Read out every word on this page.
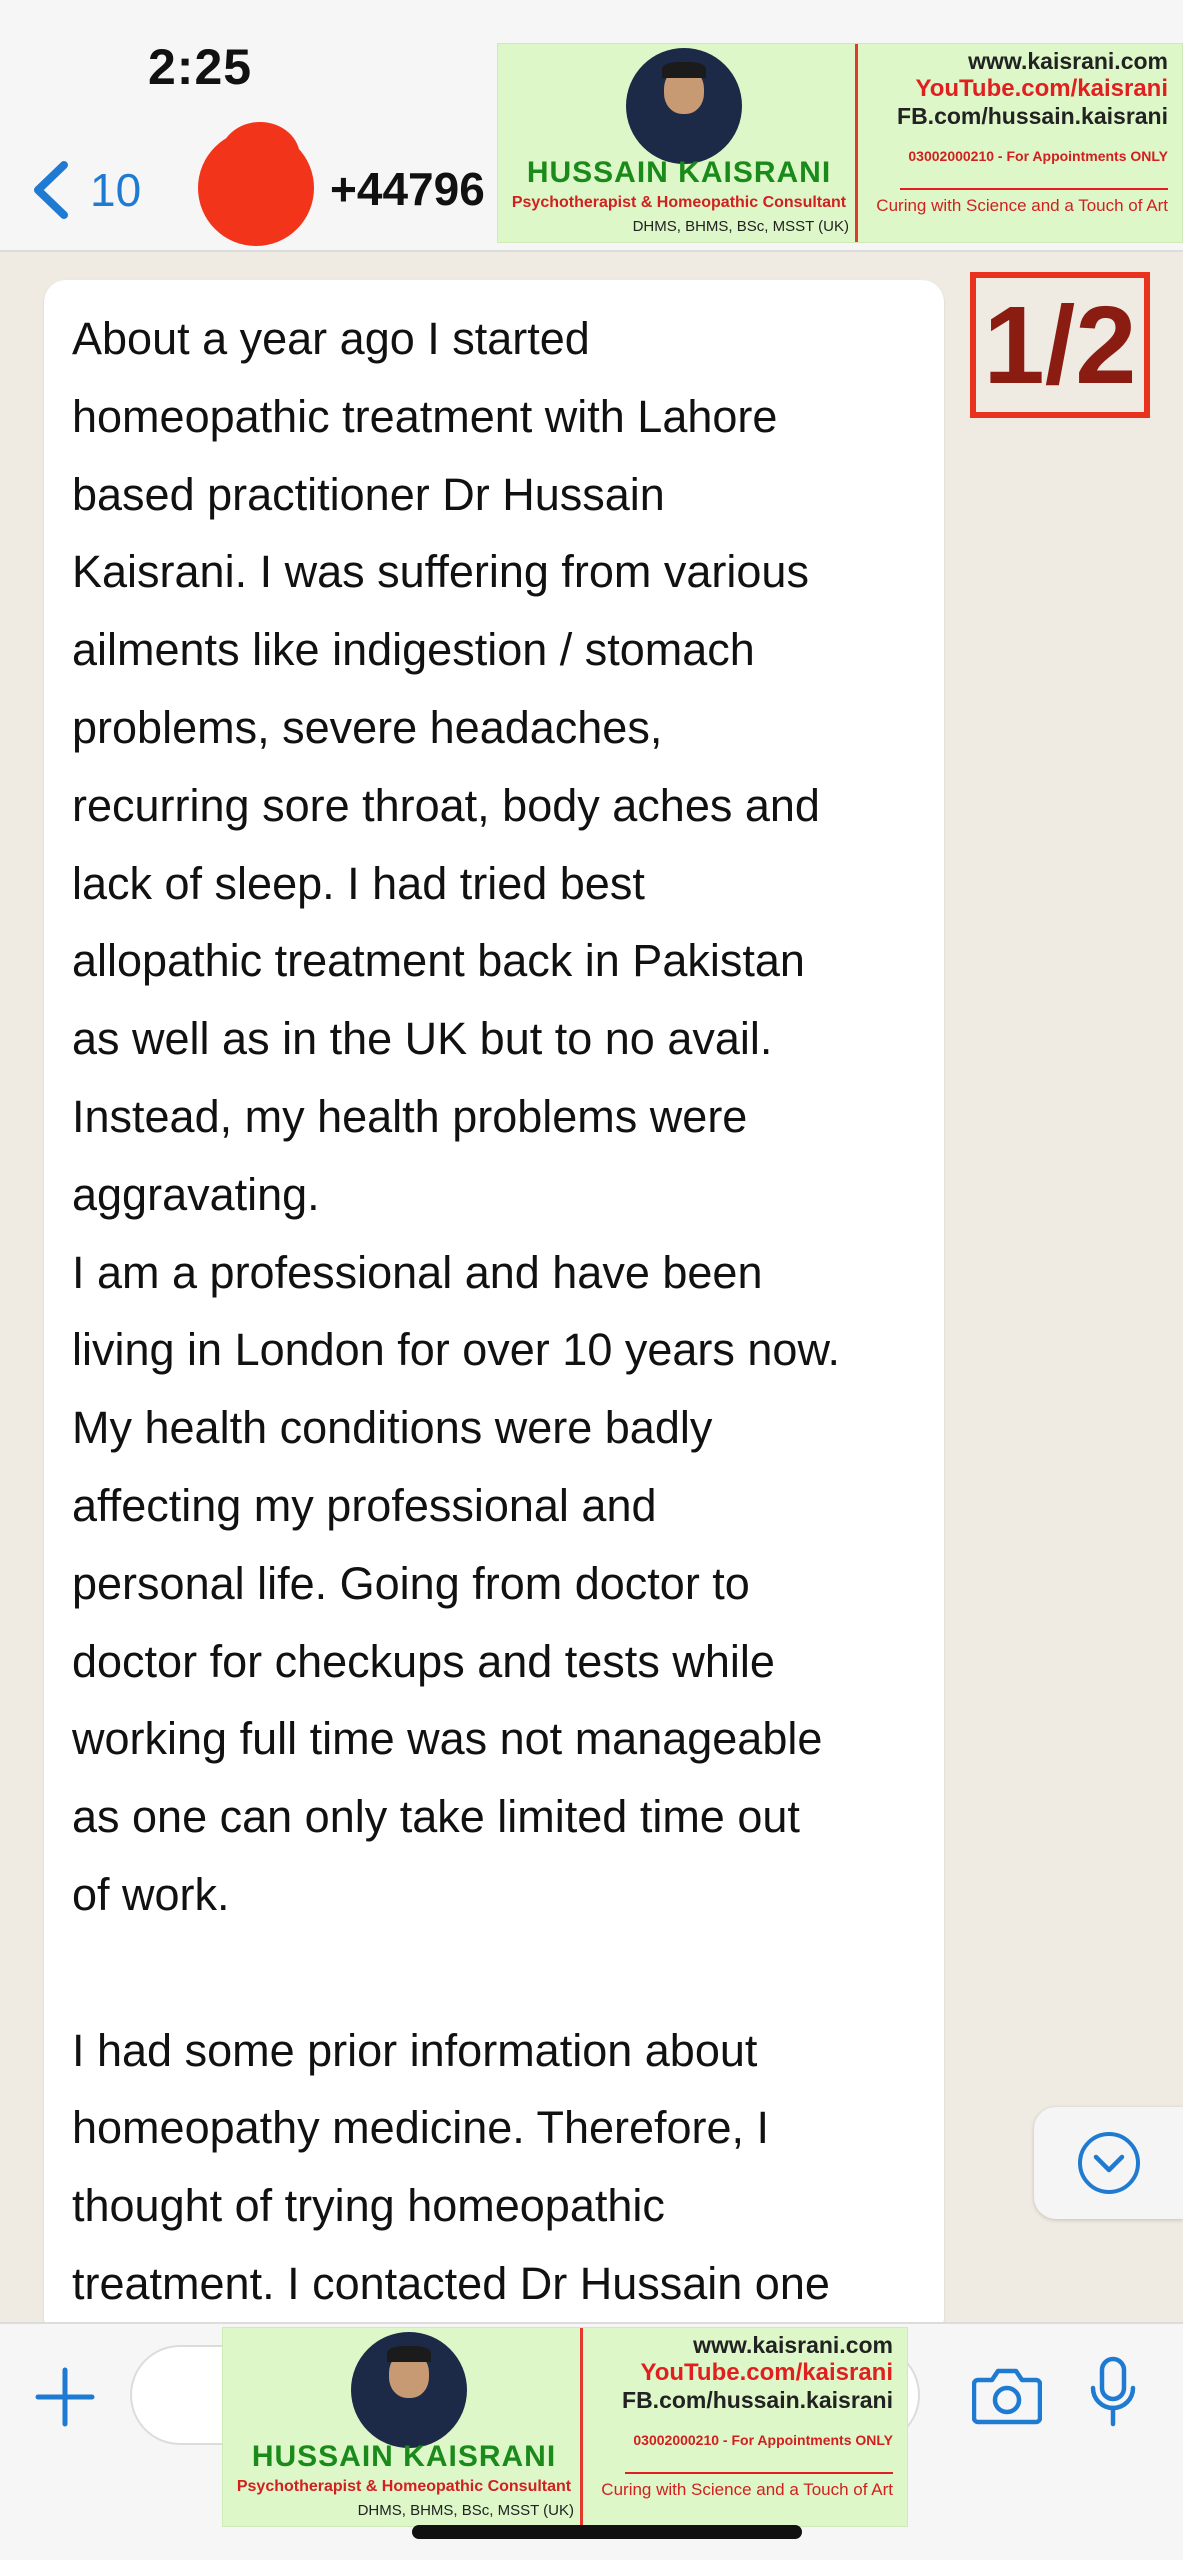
2:25
10	+44796	HUSSAIN KAISRANI
Psychotherapist & Homeopathic Consultant
DHMS, BHMS, BSc, MSST (UK)
www.kaisrani.com
YouTube.com/kaisrani
FB.com/hussain.kaisrani
03002000210 - For Appointments ONLY
Curing with Science and a Touch of Art
About a year ago I started
homeopathic treatment with Lahore
based practitioner Dr Hussain
Kaisrani. I was suffering from various
ailments like indigestion / stomach
problems, severe headaches,
recurring sore throat, body aches and
lack of sleep. I had tried best
allopathic treatment back in Pakistan
as well as in the UK but to no avail.
Instead, my health problems were
aggravating.
I am a professional and have been
living in London for over 10 years now.
My health conditions were badly
affecting my professional and
personal life. Going from doctor to
doctor for checkups and tests while
working full time was not manageable
as one can only take limited time out
of work.

I had some prior information about
homeopathy medicine. Therefore, I
thought of trying homeopathic
treatment. I contacted Dr Hussain one
1/2
HUSSAIN KAISRANI
Psychotherapist & Homeopathic Consultant
DHMS, BHMS, BSc, MSST (UK)
www.kaisrani.com
YouTube.com/kaisrani
FB.com/hussain.kaisrani
03002000210 - For Appointments ONLY
Curing with Science and a Touch of Art
